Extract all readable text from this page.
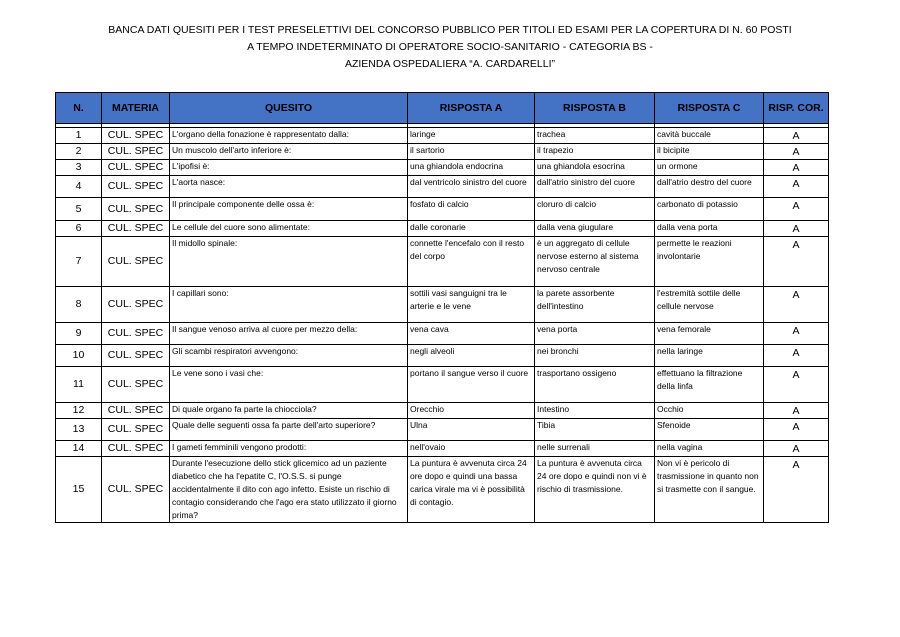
BANCA DATI QUESITI PER I TEST PRESELETTIVI DEL CONCORSO PUBBLICO PER TITOLI ED ESAMI PER LA COPERTURA DI N. 60 POSTI
A TEMPO INDETERMINATO DI OPERATORE SOCIO-SANITARIO - CATEGORIA BS -
AZIENDA OSPEDALIERA “A. CARDARELLI”
N.	MATERIA	QUESITO	RISPOSTA A	RISPOSTA B	RISPOSTA C	RISP. COR.

1	CUL. SPEC	L'organo della fonazione è rappresentato dalla:	laringe	trachea	cavità buccale	A
2	CUL. SPEC	Un muscolo dell'arto inferiore è:	il sartorio	il trapezio	il bicipite	A
3	CUL. SPEC	L'ipofisi è:	una ghiandola endocrina	una ghiandola esocrina	un ormone	A
4	CUL. SPEC	L'aorta nasce:	dal ventricolo sinistro del cuore	dall'atrio sinistro del cuore	dall'atrio destro del cuore	A
5	CUL. SPEC	Il principale componente delle ossa è:	fosfato di calcio	cloruro di calcio	carbonato di potassio	A
6	CUL. SPEC	Le cellule del cuore sono alimentate:	dalle coronarie	dalla vena giugulare	dalla vena porta	A
7	CUL. SPEC	Il midollo spinale:	connette l'encefalo con il resto del corpo	è un aggregato di cellule nervose esterno al sistema nervoso centrale	permette le reazioni involontarie	A
8	CUL. SPEC	I capillari sono:	sottili vasi sanguigni tra le arterie e le vene	la parete assorbente dell'intestino	l'estremità sottile delle cellule nervose	A
9	CUL. SPEC	Il sangue venoso arriva al cuore per mezzo della:	vena cava	vena porta	vena femorale	A
10	CUL. SPEC	Gli scambi respiratori avvengono:	negli alveoli	nei bronchi	nella laringe	A
11	CUL. SPEC	Le vene sono i vasi che:	portano il sangue verso il cuore	trasportano ossigeno	effettuano la filtrazione della linfa	A
12	CUL. SPEC	Di quale organo fa parte la chiocciola?	Orecchio	Intestino	Occhio	A
13	CUL. SPEC	Quale delle seguenti ossa fa parte dell'arto superiore?	Ulna	Tibia	Sfenoide	A
14	CUL. SPEC	I gameti femminili vengono prodotti:	nell'ovaio	nelle surrenali	nella vagina	A
15	CUL. SPEC	Durante l'esecuzione dello stick glicemico ad un paziente diabetico che ha l'epatite C, l'O.S.S. si punge accidentalmente il dito con ago infetto. Esiste un rischio di contagio considerando che l'ago era stato utilizzato il giorno prima?	La puntura è avvenuta circa 24 ore dopo e quindi una bassa carica virale ma vi è possibilità di contagio.	La puntura è avvenuta circa 24 ore dopo e quindi non vi è rischio di trasmissione.	Non vi è pericolo di trasmissione in quanto non si trasmette con il sangue.	A
